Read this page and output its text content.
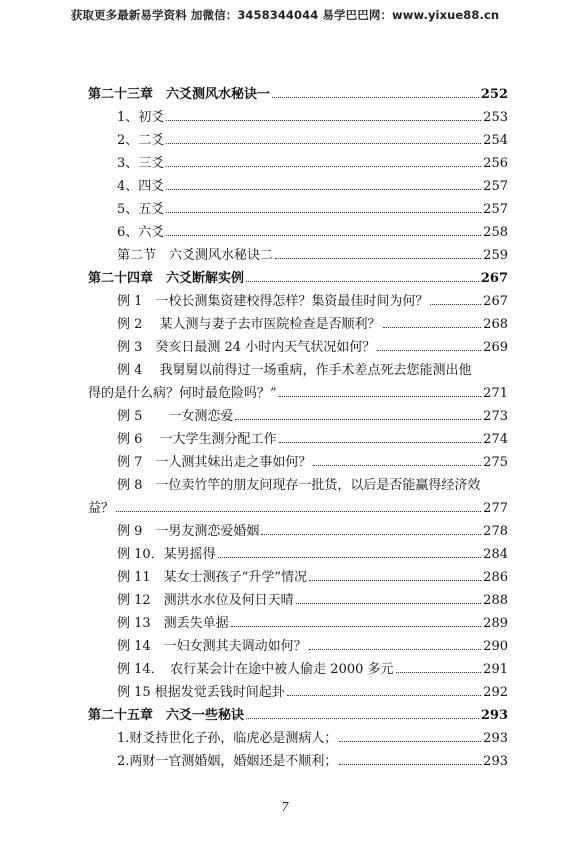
获取更多最新易学资料 加微信：3458344044 易学巴巴网：www.yixue88.cn
第二十三章　六爻测风水秘诀一	252
1、初爻	253
2、二爻	254
3、三爻	256
4、四爻	257
5、五爻	257
6、六爻	258
第二节　六爻测风水秘诀二	259
第二十四章　六爻断解实例	267
例 1　一校长测集资建校得怎样？集资最佳时间为何？	267
例 2　 某人测与妻子去市医院检查是否顺利？	268
例 3　癸亥日最测 24 小时内天气状况如何？	269
例 4　 我舅舅以前得过一场重病，作手术差点死去您能测出他
得的是什么病？何时最危险吗？”	271
例 5　　一女测恋爱	273
例 6　 一大学生测分配工作	274
例 7　一人测其妹出走之事如何？	275
例 8　一位卖竹竿的朋友问现存一批货，以后是否能赢得经济效
益？	277
例 9　一男友测恋爱婚姻	278
例 10．某男摇得	284
例 11　某女士测孩子“升学”情况	286
例 12　测洪水水位及何日天晴	288
例 13　测丢失单据	289
例 14　一妇女测其夫调动如何？	290
例 14．　农行某会计在途中被人偷走 2000 多元	291
例 15 根据发觉丢钱时间起卦	292
第二十五章　六爻一些秘诀	293
1.财爻持世化子孙，临虎必是测病人；	293
2.两财一官测婚姻，婚姻还是不顺利；	293
7
